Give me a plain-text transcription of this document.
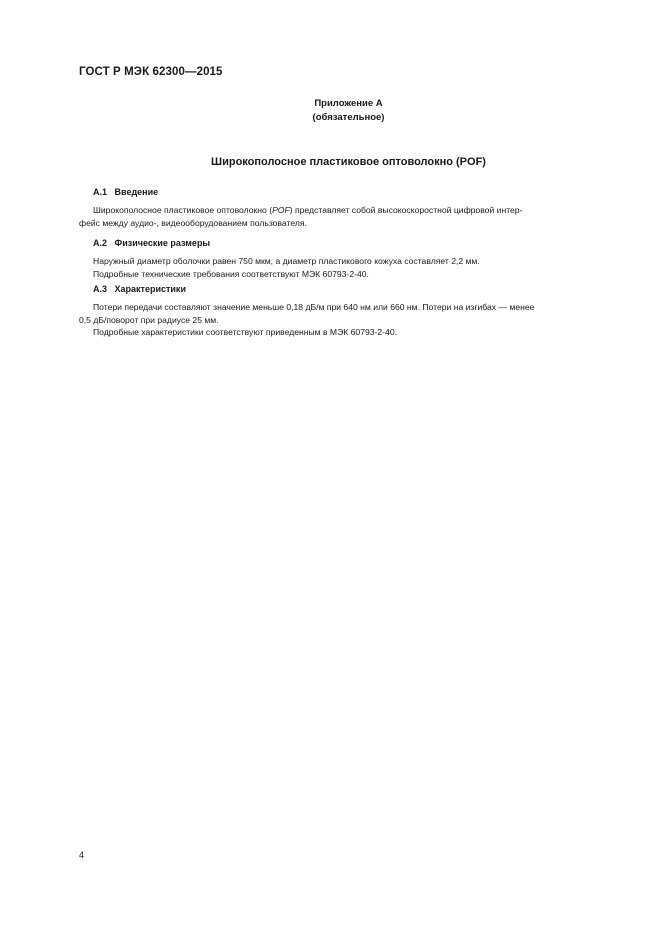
ГОСТ Р МЭК 62300—2015
Приложение А
(обязательное)
Широкополосное пластиковое оптоволокно (POF)
А.1 Введение

Широкополосное пластиковое оптоволокно (POF) представляет собой высокоскоростной цифровой интер-

фейс между аудио-, видеооборудованием пользователя.

А.2 Физические размеры

Наружный диаметр оболочки равен 750 мкм, а диаметр пластикового кожуха составляет 2,2 мм.

Подробные технические требования соответствуют МЭК 60793-2-40.

А.3 Характеристики

Потери передачи составляют значение меньше 0,18 дБ/м при 640 нм или 660 нм. Потери на изгибах — менее

0,5 дБ/поворот при радиусе 25 мм.

Подробные характеристики соответствуют приведенным в МЭК 60793-2-40.

4
